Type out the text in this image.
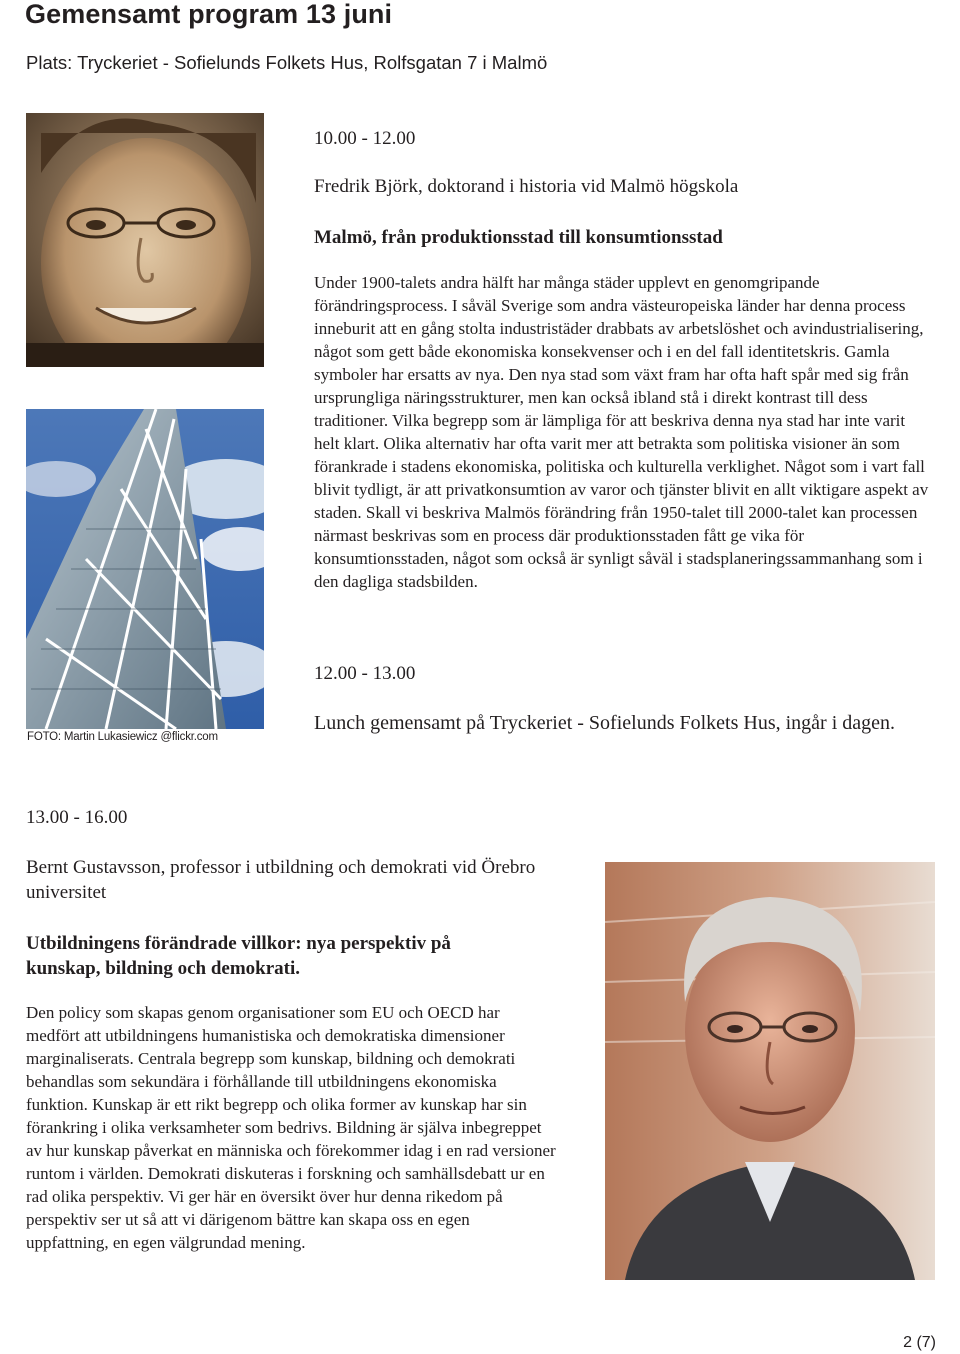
Gemensamt program 13 juni
Plats: Tryckeriet - Sofielunds Folkets Hus, Rolfsgatan 7 i Malmö
FOTO: Martin Lukasiewicz @flickr.com
10.00 - 12.00
Fredrik Björk, doktorand i historia vid Malmö högskola
Malmö, från produktionsstad till konsumtionsstad
Under 1900-talets andra hälft har många städer upplevt en genomgripande förändringsprocess. I såväl Sverige som andra västeuropeiska länder har denna process inneburit att en gång stolta industristäder drabbats av arbetslöshet och avindustrialisering, något som gett både ekonomiska konsekvenser och i en del fall identitetskris. Gamla symboler har ersatts av nya. Den nya stad som växt fram har ofta haft spår med sig från ursprungliga näringsstrukturer, men kan också ibland stå i direkt kontrast till dess traditioner. Vilka begrepp som är lämpliga för att beskriva denna nya stad har inte varit helt klart. Olika alternativ har ofta varit mer att betrakta som politiska visioner än som förankrade i stadens ekonomiska, politiska och kulturella verklighet. Något som i vart fall blivit tydligt, är att privatkonsumtion av varor och tjänster blivit en allt viktigare aspekt av staden. Skall vi beskriva Malmös förändring från 1950-talet till 2000-talet kan processen närmast beskrivas som en process där produktionsstaden fått ge vika för konsumtionsstaden, något som också är synligt såväl i stadsplaneringssammanhang som i den dagliga stadsbilden.
12.00 - 13.00
Lunch gemensamt på Tryckeriet - Sofielunds Folkets Hus, ingår i dagen.
13.00 - 16.00
Bernt Gustavsson, professor i utbildning och demokrati vid Örebro universitet
Utbildningens förändrade villkor: nya perspektiv på kunskap, bildning och demokrati.
Den policy som skapas genom organisationer som EU och OECD har medfört att utbildningens humanistiska och demokratiska dimensioner marginaliserats. Centrala begrepp som kunskap, bildning och demokrati behandlas som sekundära i förhållande till utbildningens ekonomiska funktion. Kunskap är ett rikt begrepp och olika former av kunskap har sin förankring i olika verksamheter som bedrivs. Bildning är själva inbegreppet av hur kunskap påverkat en människa och förekommer idag i en rad versioner runtom i världen. Demokrati diskuteras i forskning och samhällsdebatt ur en rad olika perspektiv. Vi ger här en översikt över hur denna rikedom på perspektiv ser ut så att vi därigenom bättre kan skapa oss en egen uppfattning, en egen välgrundad mening.
2 (7)
